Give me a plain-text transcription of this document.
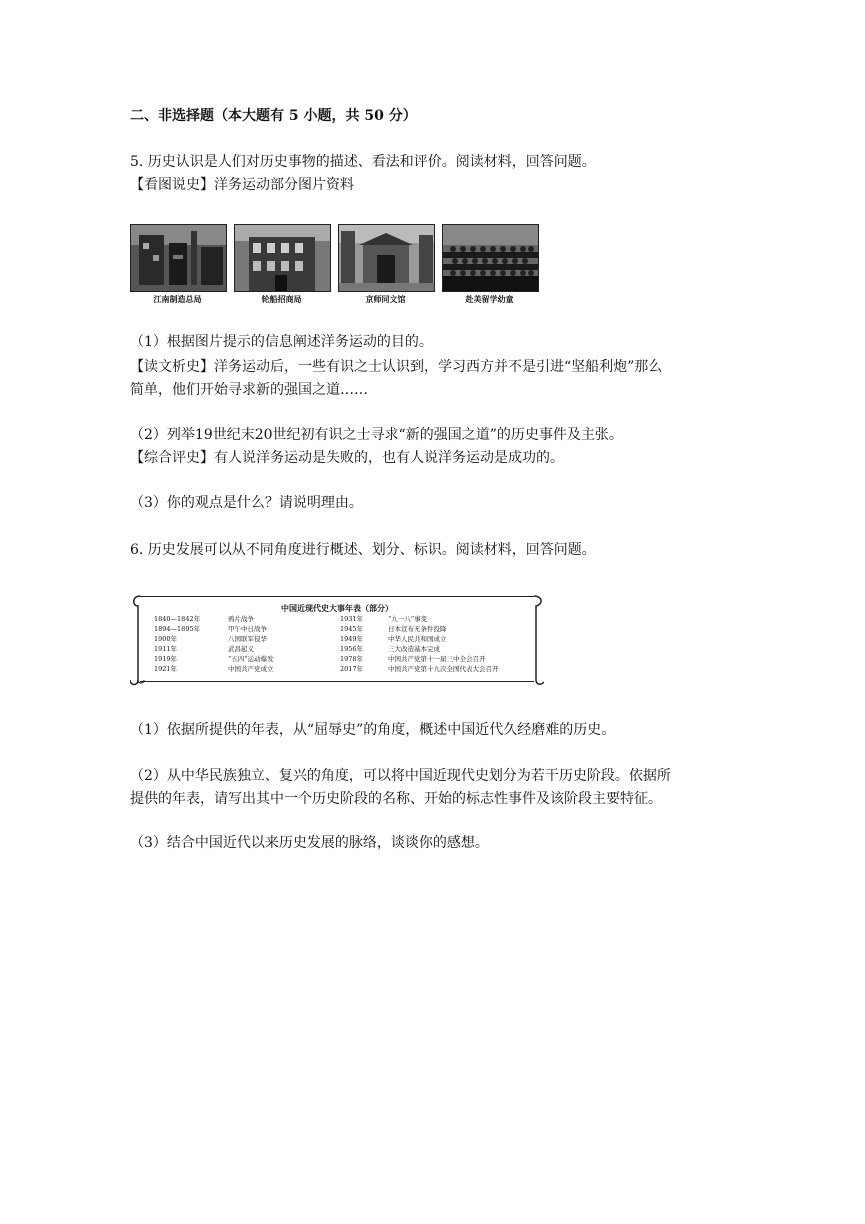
二、非选择题（本大题有 5 小题，共 50 分）
5. 历史认识是人们对历史事物的描述、看法和评价。阅读材料，回答问题。
【看图说史】洋务运动部分图片资料
江南制造总局	轮船招商局	京师同文馆	赴美留学幼童
（1）根据图片提示的信息阐述洋务运动的目的。
【读文析史】洋务运动后，一些有识之士认识到，学习西方并不是引进“坚船利炮”那么
简单，他们开始寻求新的强国之道……
（2）列举19世纪末20世纪初有识之士寻求“新的强国之道”的历史事件及主张。
【综合评史】有人说洋务运动是失败的，也有人说洋务运动是成功的。
（3）你的观点是什么？请说明理由。
6. 历史发展可以从不同角度进行概述、划分、标识。阅读材料，回答问题。
中国近现代史大事年表（部分）
1840—1842年	鸦片战争
1894—1895年	甲午中日战争
1900年	八国联军侵华
1911年	武昌起义
1919年	“五四”运动爆发
1921年	中国共产党成立
1931年	“九一八”事变
1945年	日本宣布无条件投降
1949年	中华人民共和国成立
1956年	三大改造基本完成
1978年	中国共产党第十一届三中全会召开
2017年	中国共产党第十九次全国代表大会召开
（1）依据所提供的年表，从“屈辱史”的角度，概述中国近代久经磨难的历史。
（2）从中华民族独立、复兴的角度，可以将中国近现代史划分为若干历史阶段。依据所
提供的年表，请写出其中一个历史阶段的名称、开始的标志性事件及该阶段主要特征。
（3）结合中国近代以来历史发展的脉络，谈谈你的感想。
